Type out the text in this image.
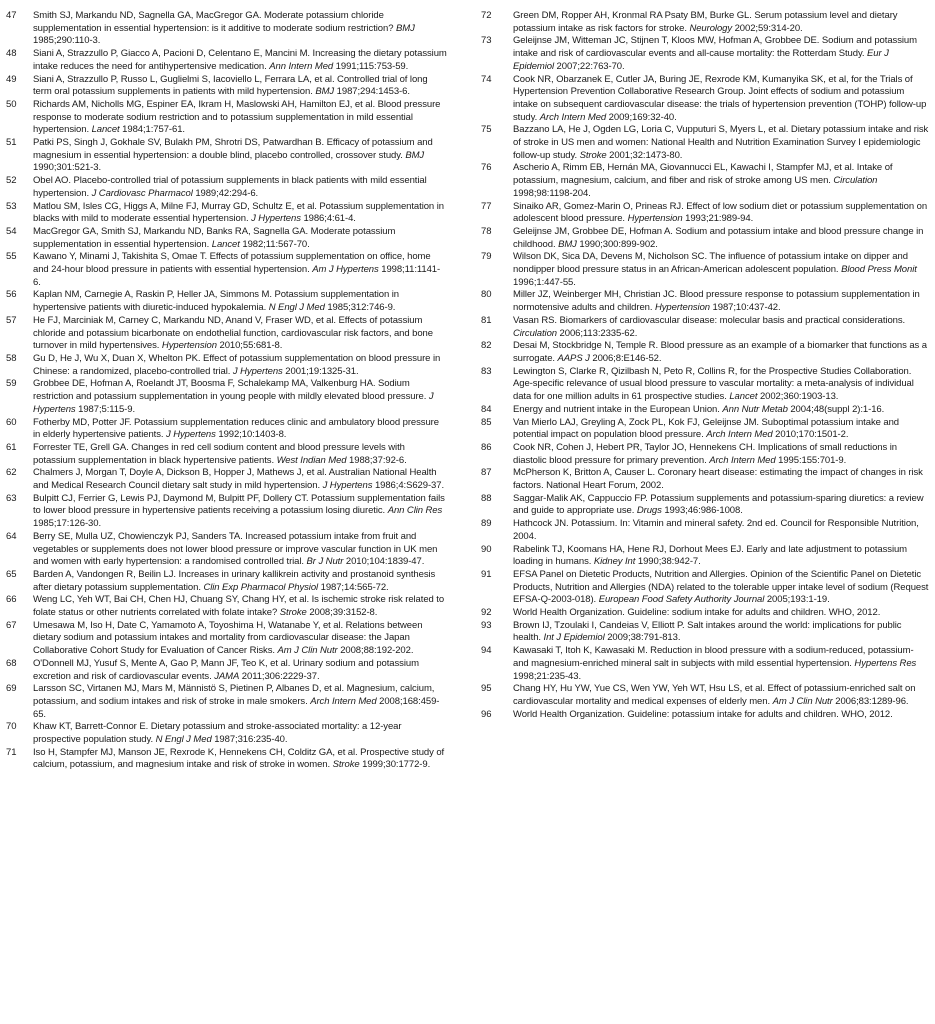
47	Smith SJ, Markandu ND, Sagnella GA, MacGregor GA. Moderate potassium chloride supplementation in essential hypertension: is it additive to moderate sodium restriction? BMJ 1985;290:110-3.
48	Siani A, Strazzullo P, Giacco A, Pacioni D, Celentano E, Mancini M. Increasing the dietary potassium intake reduces the need for antihypertensive medication. Ann Intern Med 1991;115:753-59.
49	Siani A, Strazzullo P, Russo L, Guglielmi S, Iacoviello L, Ferrara LA, et al. Controlled trial of long term oral potassium supplements in patients with mild hypertension. BMJ 1987;294:1453-6.
50	Richards AM, Nicholls MG, Espiner EA, Ikram H, Maslowski AH, Hamilton EJ, et al. Blood pressure response to moderate sodium restriction and to potassium supplementation in mild essential hypertension. Lancet 1984;1:757-61.
51	Patki PS, Singh J, Gokhale SV, Bulakh PM, Shrotri DS, Patwardhan B. Efficacy of potassium and magnesium in essential hypertension: a double blind, placebo controlled, crossover study. BMJ 1990;301:521-3.
52	Obel AO. Placebo-controlled trial of potassium supplements in black patients with mild essential hypertension. J Cardiovasc Pharmacol 1989;42:294-6.
53	Matlou SM, Isles CG, Higgs A, Milne FJ, Murray GD, Schultz E, et al. Potassium supplementation in blacks with mild to moderate essential hypertension. J Hypertens 1986;4:61-4.
54	MacGregor GA, Smith SJ, Markandu ND, Banks RA, Sagnella GA. Moderate potassium supplementation in essential hypertension. Lancet 1982;11:567-70.
55	Kawano Y, Minami J, Takishita S, Omae T. Effects of potassium supplementation on office, home and 24-hour blood pressure in patients with essential hypertension. Am J Hypertens 1998;11:1141-6.
56	Kaplan NM, Carnegie A, Raskin P, Heller JA, Simmons M. Potassium supplementation in hypertensive patients with diuretic-induced hypokalemia. N Engl J Med 1985;312:746-9.
57	He FJ, Marciniak M, Carney C, Markandu ND, Anand V, Fraser WD, et al. Effects of potassium chloride and potassium bicarbonate on endothelial function, cardiovascular risk factors, and bone turnover in mild hypertensives. Hypertension 2010;55:681-8.
58	Gu D, He J, Wu X, Duan X, Whelton PK. Effect of potassium supplementation on blood pressure in Chinese: a randomized, placebo-controlled trial. J Hypertens 2001;19:1325-31.
59	Grobbee DE, Hofman A, Roelandt JT, Boosma F, Schalekamp MA, Valkenburg HA. Sodium restriction and potassium supplementation in young people with mildly elevated blood pressure. J Hypertens 1987;5:115-9.
60	Fotherby MD, Potter JF. Potassium supplementation reduces clinic and ambulatory blood pressure in elderly hypertensive patients. J Hypertens 1992;10:1403-8.
61	Forrester TE, Grell GA. Changes in red cell sodium content and blood pressure levels with potassium supplementation in black hypertensive patients. West Indian Med 1988;37:92-6.
62	Chalmers J, Morgan T, Doyle A, Dickson B, Hopper J, Mathews J, et al. Australian National Health and Medical Research Council dietary salt study in mild hypertension. J Hypertens 1986;4:S629-37.
63	Bulpitt CJ, Ferrier G, Lewis PJ, Daymond M, Bulpitt PF, Dollery CT. Potassium supplementation fails to lower blood pressure in hypertensive patients receiving a potassium losing diuretic. Ann Clin Res 1985;17:126-30.
64	Berry SE, Mulla UZ, Chowienczyk PJ, Sanders TA. Increased potassium intake from fruit and vegetables or supplements does not lower blood pressure or improve vascular function in UK men and women with early hypertension: a randomised controlled trial. Br J Nutr 2010;104:1839-47.
65	Barden A, Vandongen R, Beilin LJ. Increases in urinary kallikrein activity and prostanoid synthesis after dietary potassium supplementation. Clin Exp Pharmacol Physiol 1987;14:565-72.
66	Weng LC, Yeh WT, Bai CH, Chen HJ, Chuang SY, Chang HY, et al. Is ischemic stroke risk related to folate status or other nutrients correlated with folate intake? Stroke 2008;39:3152-8.
67	Umesawa M, Iso H, Date C, Yamamoto A, Toyoshima H, Watanabe Y, et al. Relations between dietary sodium and potassium intakes and mortality from cardiovascular disease: the Japan Collaborative Cohort Study for Evaluation of Cancer Risks. Am J Clin Nutr 2008;88:192-202.
68	O'Donnell MJ, Yusuf S, Mente A, Gao P, Mann JF, Teo K, et al. Urinary sodium and potassium excretion and risk of cardiovascular events. JAMA 2011;306:2229-37.
69	Larsson SC, Virtanen MJ, Mars M, Männistö S, Pietinen P, Albanes D, et al. Magnesium, calcium, potassium, and sodium intakes and risk of stroke in male smokers. Arch Intern Med 2008;168:459-65.
70	Khaw KT, Barrett-Connor E. Dietary potassium and stroke-associated mortality: a 12-year prospective population study. N Engl J Med 1987;316:235-40.
71	Iso H, Stampfer MJ, Manson JE, Rexrode K, Hennekens CH, Colditz GA, et al. Prospective study of calcium, potassium, and magnesium intake and risk of stroke in women. Stroke 1999;30:1772-9.
72	Green DM, Ropper AH, Kronmal RA Psaty BM, Burke GL. Serum potassium level and dietary potassium intake as risk factors for stroke. Neurology 2002;59:314-20.
73	Geleijnse JM, Witteman JC, Stijnen T, Kloos MW, Hofman A, Grobbee DE. Sodium and potassium intake and risk of cardiovascular events and all-cause mortality: the Rotterdam Study. Eur J Epidemiol 2007;22:763-70.
74	Cook NR, Obarzanek E, Cutler JA, Buring JE, Rexrode KM, Kumanyika SK, et al, for the Trials of Hypertension Prevention Collaborative Research Group. Joint effects of sodium and potassium intake on subsequent cardiovascular disease: the trials of hypertension prevention (TOHP) follow-up study. Arch Intern Med 2009;169:32-40.
75	Bazzano LA, He J, Ogden LG, Loria C, Vupputuri S, Myers L, et al. Dietary potassium intake and risk of stroke in US men and women: National Health and Nutrition Examination Survey I epidemiologic follow-up study. Stroke 2001;32:1473-80.
76	Ascherio A, Rimm EB, Hernán MA, Giovannucci EL, Kawachi I, Stampfer MJ, et al. Intake of potassium, magnesium, calcium, and fiber and risk of stroke among US men. Circulation 1998;98:1198-204.
77	Sinaiko AR, Gomez-Marin O, Prineas RJ. Effect of low sodium diet or potassium supplementation on adolescent blood pressure. Hypertension 1993;21:989-94.
78	Geleijnse JM, Grobbee DE, Hofman A. Sodium and potassium intake and blood pressure change in childhood. BMJ 1990;300:899-902.
79	Wilson DK, Sica DA, Devens M, Nicholson SC. The influence of potassium intake on dipper and nondipper blood pressure status in an African-American adolescent population. Blood Press Monit 1996;1:447-55.
80	Miller JZ, Weinberger MH, Christian JC. Blood pressure response to potassium supplementation in normotensive adults and children. Hypertension 1987;10:437-42.
81	Vasan RS. Biomarkers of cardiovascular disease: molecular basis and practical considerations. Circulation 2006;113:2335-62.
82	Desai M, Stockbridge N, Temple R. Blood pressure as an example of a biomarker that functions as a surrogate. AAPS J 2006;8:E146-52.
83	Lewington S, Clarke R, Qizilbash N, Peto R, Collins R, for the Prospective Studies Collaboration. Age-specific relevance of usual blood pressure to vascular mortality: a meta-analysis of individual data for one million adults in 61 prospective studies. Lancet 2002;360:1903-13.
84	Energy and nutrient intake in the European Union. Ann Nutr Metab 2004;48(suppl 2):1-16.
85	Van Mierlo LAJ, Greyling A, Zock PL, Kok FJ, Geleijnse JM. Suboptimal potassium intake and potential impact on population blood pressure. Arch Intern Med 2010;170:1501-2.
86	Cook NR, Cohen J, Hebert PR, Taylor JO, Hennekens CH. Implications of small reductions in diastolic blood pressure for primary prevention. Arch Intern Med 1995:155:701-9.
87	McPherson K, Britton A, Causer L. Coronary heart disease: estimating the impact of changes in risk factors. National Heart Forum, 2002.
88	Saggar-Malik AK, Cappuccio FP. Potassium supplements and potassium-sparing diuretics: a review and guide to appropriate use. Drugs 1993;46:986-1008.
89	Hathcock JN. Potassium. In: Vitamin and mineral safety. 2nd ed. Council for Responsible Nutrition, 2004.
90	Rabelink TJ, Koomans HA, Hene RJ, Dorhout Mees EJ. Early and late adjustment to potassium loading in humans. Kidney Int 1990;38:942-7.
91	EFSA Panel on Dietetic Products, Nutrition and Allergies. Opinion of the Scientific Panel on Dietetic Products, Nutrition and Allergies (NDA) related to the tolerable upper intake level of sodium (Request EFSA-Q-2003-018). European Food Safety Authority Journal 2005;193:1-19.
92	World Health Organization. Guideline: sodium intake for adults and children. WHO, 2012.
93	Brown IJ, Tzoulaki I, Candeias V, Elliott P. Salt intakes around the world: implications for public health. Int J Epidemiol 2009;38:791-813.
94	Kawasaki T, Itoh K, Kawasaki M. Reduction in blood pressure with a sodium-reduced, potassium- and magnesium-enriched mineral salt in subjects with mild essential hypertension. Hypertens Res 1998;21:235-43.
95	Chang HY, Hu YW, Yue CS, Wen YW, Yeh WT, Hsu LS, et al. Effect of potassium-enriched salt on cardiovascular mortality and medical expenses of elderly men. Am J Clin Nutr 2006;83:1289-96.
96	World Health Organization. Guideline: potassium intake for adults and children. WHO, 2012.
